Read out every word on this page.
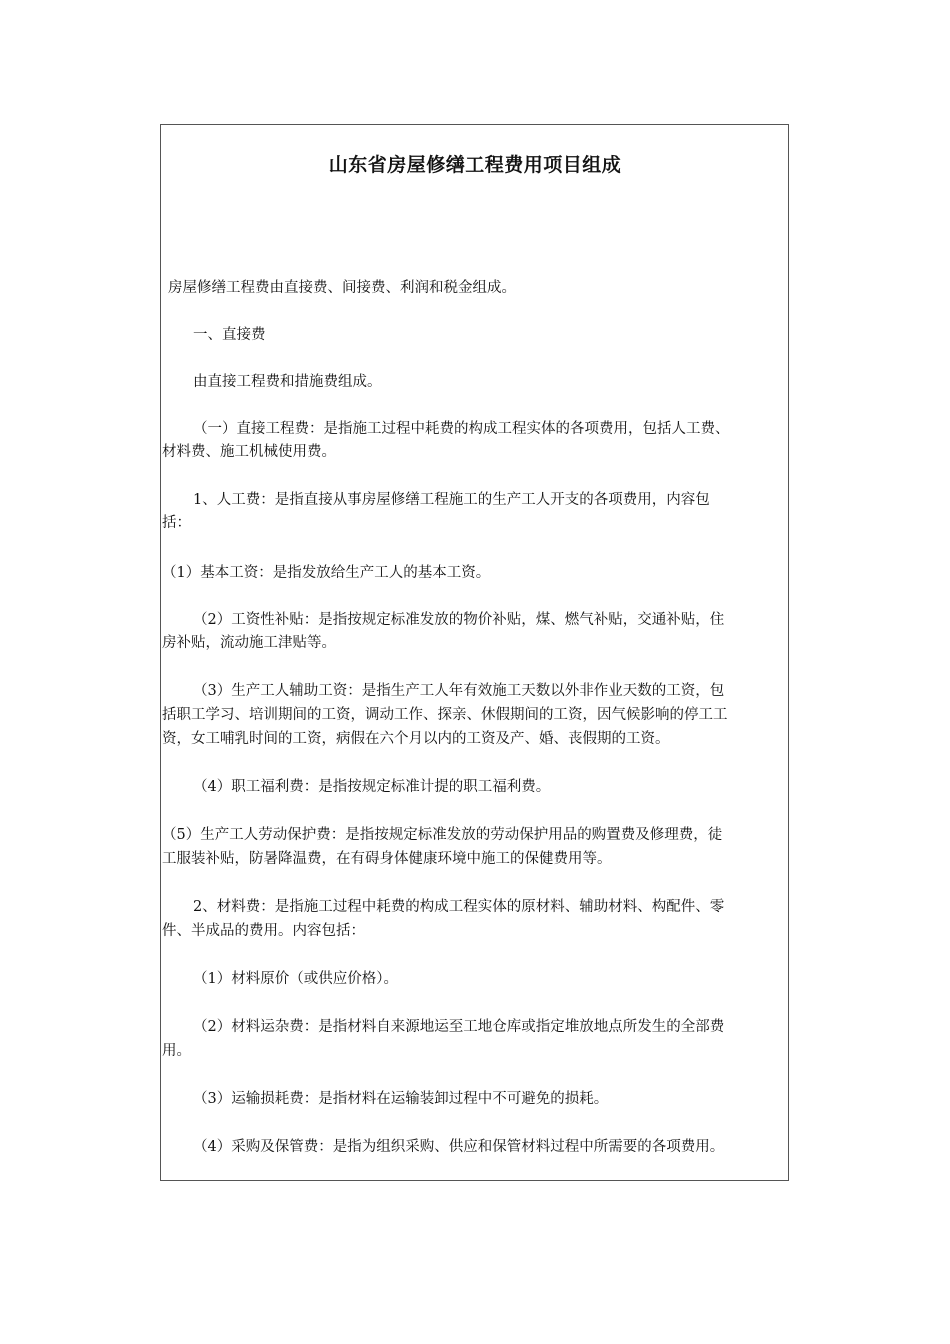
山东省房屋修缮工程费用项目组成

房屋修缮工程费由直接费、间接费、利润和税金组成。

一、直接费

由直接工程费和措施费组成。

（一）直接工程费：是指施工过程中耗费的构成工程实体的各项费用，包括人工费、

材料费、施工机械使用费。

1、人工费：是指直接从事房屋修缮工程施工的生产工人开支的各项费用，内容包

括：

（1）基本工资：是指发放给生产工人的基本工资。

（2）工资性补贴：是指按规定标准发放的物价补贴，煤、燃气补贴，交通补贴，住

房补贴，流动施工津贴等。

（3）生产工人辅助工资：是指生产工人年有效施工天数以外非作业天数的工资，包

括职工学习、培训期间的工资，调动工作、探亲、休假期间的工资，因气候影响的停工工

资，女工哺乳时间的工资，病假在六个月以内的工资及产、婚、丧假期的工资。

（4）职工福利费：是指按规定标准计提的职工福利费。

（5）生产工人劳动保护费：是指按规定标准发放的劳动保护用品的购置费及修理费，徒

工服装补贴，防暑降温费，在有碍身体健康环境中施工的保健费用等。

2、材料费：是指施工过程中耗费的构成工程实体的原材料、辅助材料、构配件、零

件、半成品的费用。内容包括：

（1）材料原价（或供应价格）。

（2）材料运杂费：是指材料自来源地运至工地仓库或指定堆放地点所发生的全部费

用。

（3）运输损耗费：是指材料在运输装卸过程中不可避免的损耗。

（4）采购及保管费：是指为组织采购、供应和保管材料过程中所需要的各项费用。
